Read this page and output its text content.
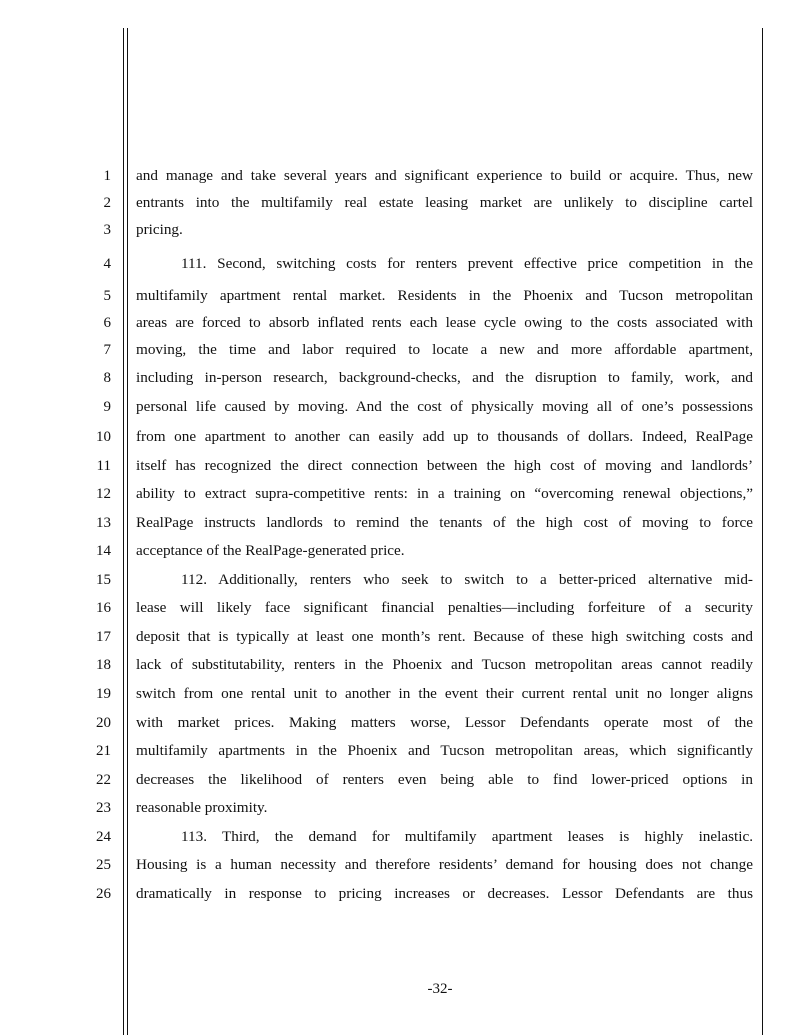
1
2
3
4
5
6
7
8
9
10
11
12
13
14
15
16
17
18
19
20
21
22
23
24
25
26
and manage and take several years and significant experience to build or acquire. Thus, new
entrants into the multifamily real estate leasing market are unlikely to discipline cartel
pricing.
111. Second, switching costs for renters prevent effective price competition in the
multifamily apartment rental market. Residents in the Phoenix and Tucson metropolitan
areas are forced to absorb inflated rents each lease cycle owing to the costs associated with
moving, the time and labor required to locate a new and more affordable apartment,
including in-person research, background-checks, and the disruption to family, work, and
personal life caused by moving. And the cost of physically moving all of one’s possessions
from one apartment to another can easily add up to thousands of dollars. Indeed, RealPage
itself has recognized the direct connection between the high cost of moving and landlords’
ability to extract supra-competitive rents: in a training on “overcoming renewal objections,”
RealPage instructs landlords to remind the tenants of the high cost of moving to force
acceptance of the RealPage-generated price.
112. Additionally, renters who seek to switch to a better-priced alternative mid-
lease will likely face significant financial penalties—including forfeiture of a security
deposit that is typically at least one month’s rent. Because of these high switching costs and
lack of substitutability, renters in the Phoenix and Tucson metropolitan areas cannot readily
switch from one rental unit to another in the event their current rental unit no longer aligns
with market prices. Making matters worse, Lessor Defendants operate most of the
multifamily apartments in the Phoenix and Tucson metropolitan areas, which significantly
decreases the likelihood of renters even being able to find lower-priced options in
reasonable proximity.
113. Third, the demand for multifamily apartment leases is highly inelastic.
Housing is a human necessity and therefore residents’ demand for housing does not change
dramatically in response to pricing increases or decreases. Lessor Defendants are thus
-32-
